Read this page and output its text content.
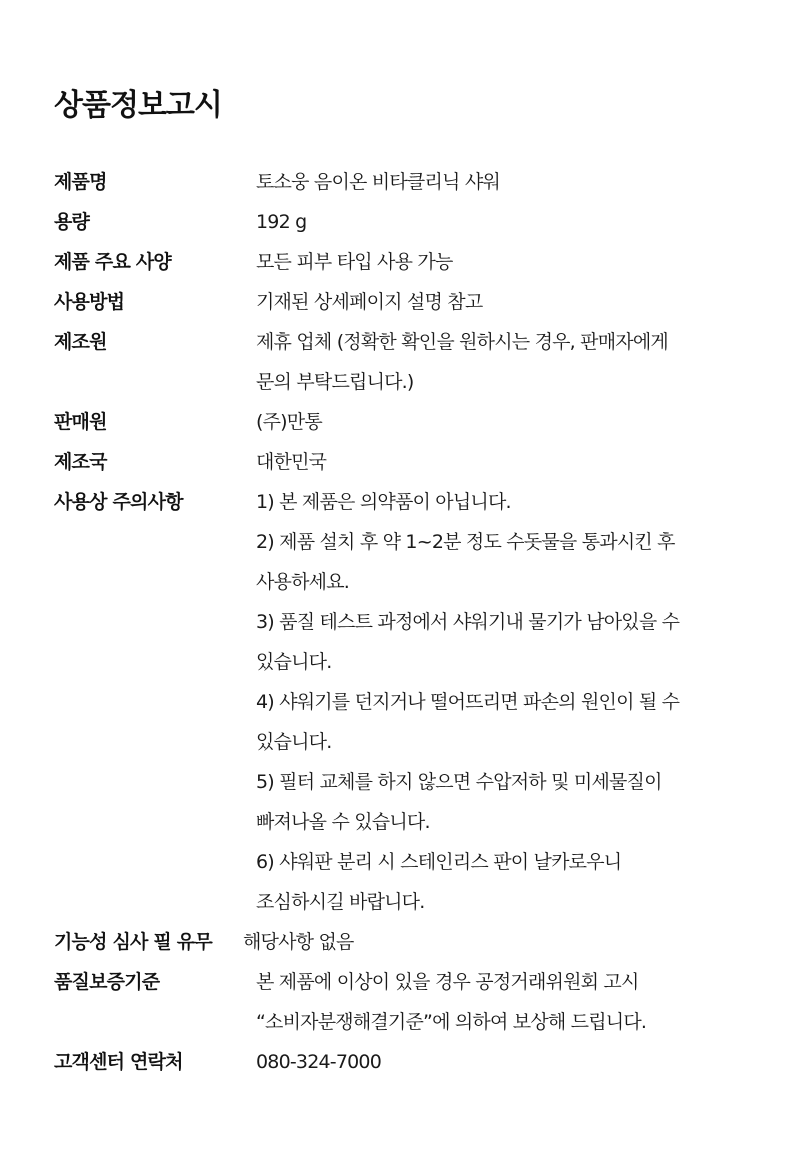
상품정보고시
제품명	토소웅 음이온 비타클리닉 샤워

용량	192 g

제품 주요 사양	모든 피부 타입 사용 가능

사용방법	기재된 상세페이지 설명 참고

제조원	제휴 업체 (정확한 확인을 원하시는 경우, 판매자에게

문의 부탁드립니다.)

판매원	(주)만통

제조국	대한민국

사용상 주의사항	1) 본 제품은 의약품이 아닙니다.

2) 제품 설치 후 약 1~2분 정도 수돗물을 통과시킨 후

사용하세요.

3) 품질 테스트 과정에서 샤워기내 물기가 남아있을 수

있습니다.

4) 샤워기를 던지거나 떨어뜨리면 파손의 원인이 될 수

있습니다.

5) 필터 교체를 하지 않으면 수압저하 및 미세물질이

빠져나올 수 있습니다.

6) 샤워판 분리 시 스테인리스 판이 날카로우니

조심하시길 바랍니다.

기능성 심사 필 유무	해당사항 없음

품질보증기준	본 제품에 이상이 있을 경우 공정거래위원회 고시

“소비자분쟁해결기준”에 의하여 보상해 드립니다.

고객센터 연락처	080-324-7000
